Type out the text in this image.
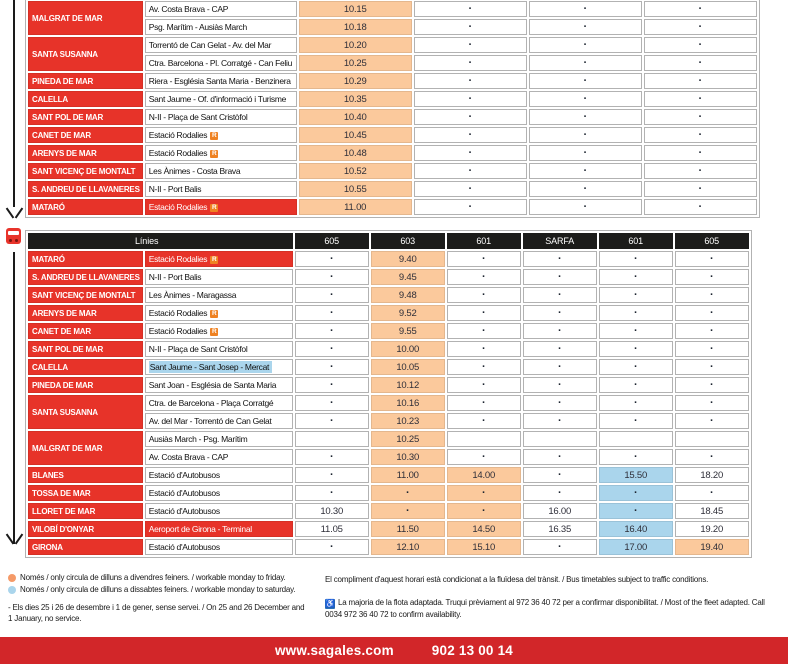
MALGRAT DE MAR	Av. Costa Brava - CAP	10.15	·	·	·
	Psg. Marítim - Ausiàs March	10.18	·	·	·
SANTA SUSANNA	Torrentó de Can Gelat - Av. del Mar	10.20	·	·	·
	Ctra. Barcelona - Pl. Corratgé - Can Feliu	10.25	·	·	·
PINEDA DE MAR	Riera - Església Santa Maria - Benzinera	10.29	·	·	·
CALELLA	Sant Jaume - Of. d'informació i Turisme	10.35	·	·	·
SANT POL DE MAR	N-II - Plaça de Sant Cristòfol	10.40	·	·	·
CANET DE MAR	Estació Rodalies R	10.45	·	·	·
ARENYS DE MAR	Estació Rodalies R	10.48	·	·	·
SANT VICENÇ DE MONTALT	Les Ànimes - Costa Brava	10.52	·	·	·
S. ANDREU DE LLAVANERES	N-II - Port Balis	10.55	·	·	·
MATARÓ	Estació Rodalies R	11.00	·	·	·
Línies		605	603	601	SARFA	601	605
MATARÓ	Estació Rodalies R	·	9.40	·	·	·	·
S. ANDREU DE LLAVANERES	N-II - Port Balis	·	9.45	·	·	·	·
SANT VICENÇ DE MONTALT	Les Ànimes - Maragassa	·	9.48	·	·	·	·
ARENYS DE MAR	Estació Rodalies R	·	9.52	·	·	·	·
CANET DE MAR	Estació Rodalies R	·	9.55	·	·	·	·
SANT POL DE MAR	N-II - Plaça de Sant Cristòfol	·	10.00	·	·	·	·
CALELLA	Sant Jaume - Sant Josep - Mercat	·	10.05	·	·	·	·
PINEDA DE MAR	Sant Joan - Església de Santa Maria	·	10.12	·	·	·	·
SANTA SUSANNA	Ctra. de Barcelona - Plaça Corratgé	·	10.16	·	·	·	·
	Av. del Mar - Torrentó de Can Gelat	·	10.23	·	·	·	·
MALGRAT DE MAR	Ausiàs March - Psg. Marítim		10.25				
	Av. Costa Brava - CAP	·	10.30	·	·	·	·
BLANES	Estació d'Autobusos	·	11.00	14.00	·	15.50	18.20
TOSSA DE MAR	Estació d'Autobusos	·	·	·	·	·	·
LLORET DE MAR	Estació d'Autobusos	10.30	·	·	16.00	·	18.45
VILOBÍ D'ONYAR	Aeroport de Girona - Terminal	11.05	11.50	14.50	16.35	16.40	19.20
GIRONA	Estació d'Autobusos	·	12.10	15.10	·	17.00	19.40
Només / only circula de dilluns a divendres feiners. / workable monday to friday.
Només / only circula de dilluns a dissabtes feiners. / workable monday to saturday.
- Els dies 25 i 26 de desembre i 1 de gener, sense servei. / On 25 and 26 December and 1 January, no service.
El compliment d'aquest horari està condicionat a la fluïdesa del trànsit. / Bus timetables subject to traffic conditions.
♿ La majoria de la flota adaptada. Truqui prèviament al 972 36 40 72 per a confirmar disponibilitat. / Most of the fleet adapted. Call 0034 972 36 40 72 to confirm availability.
www.sagales.com	902 13 00 14
